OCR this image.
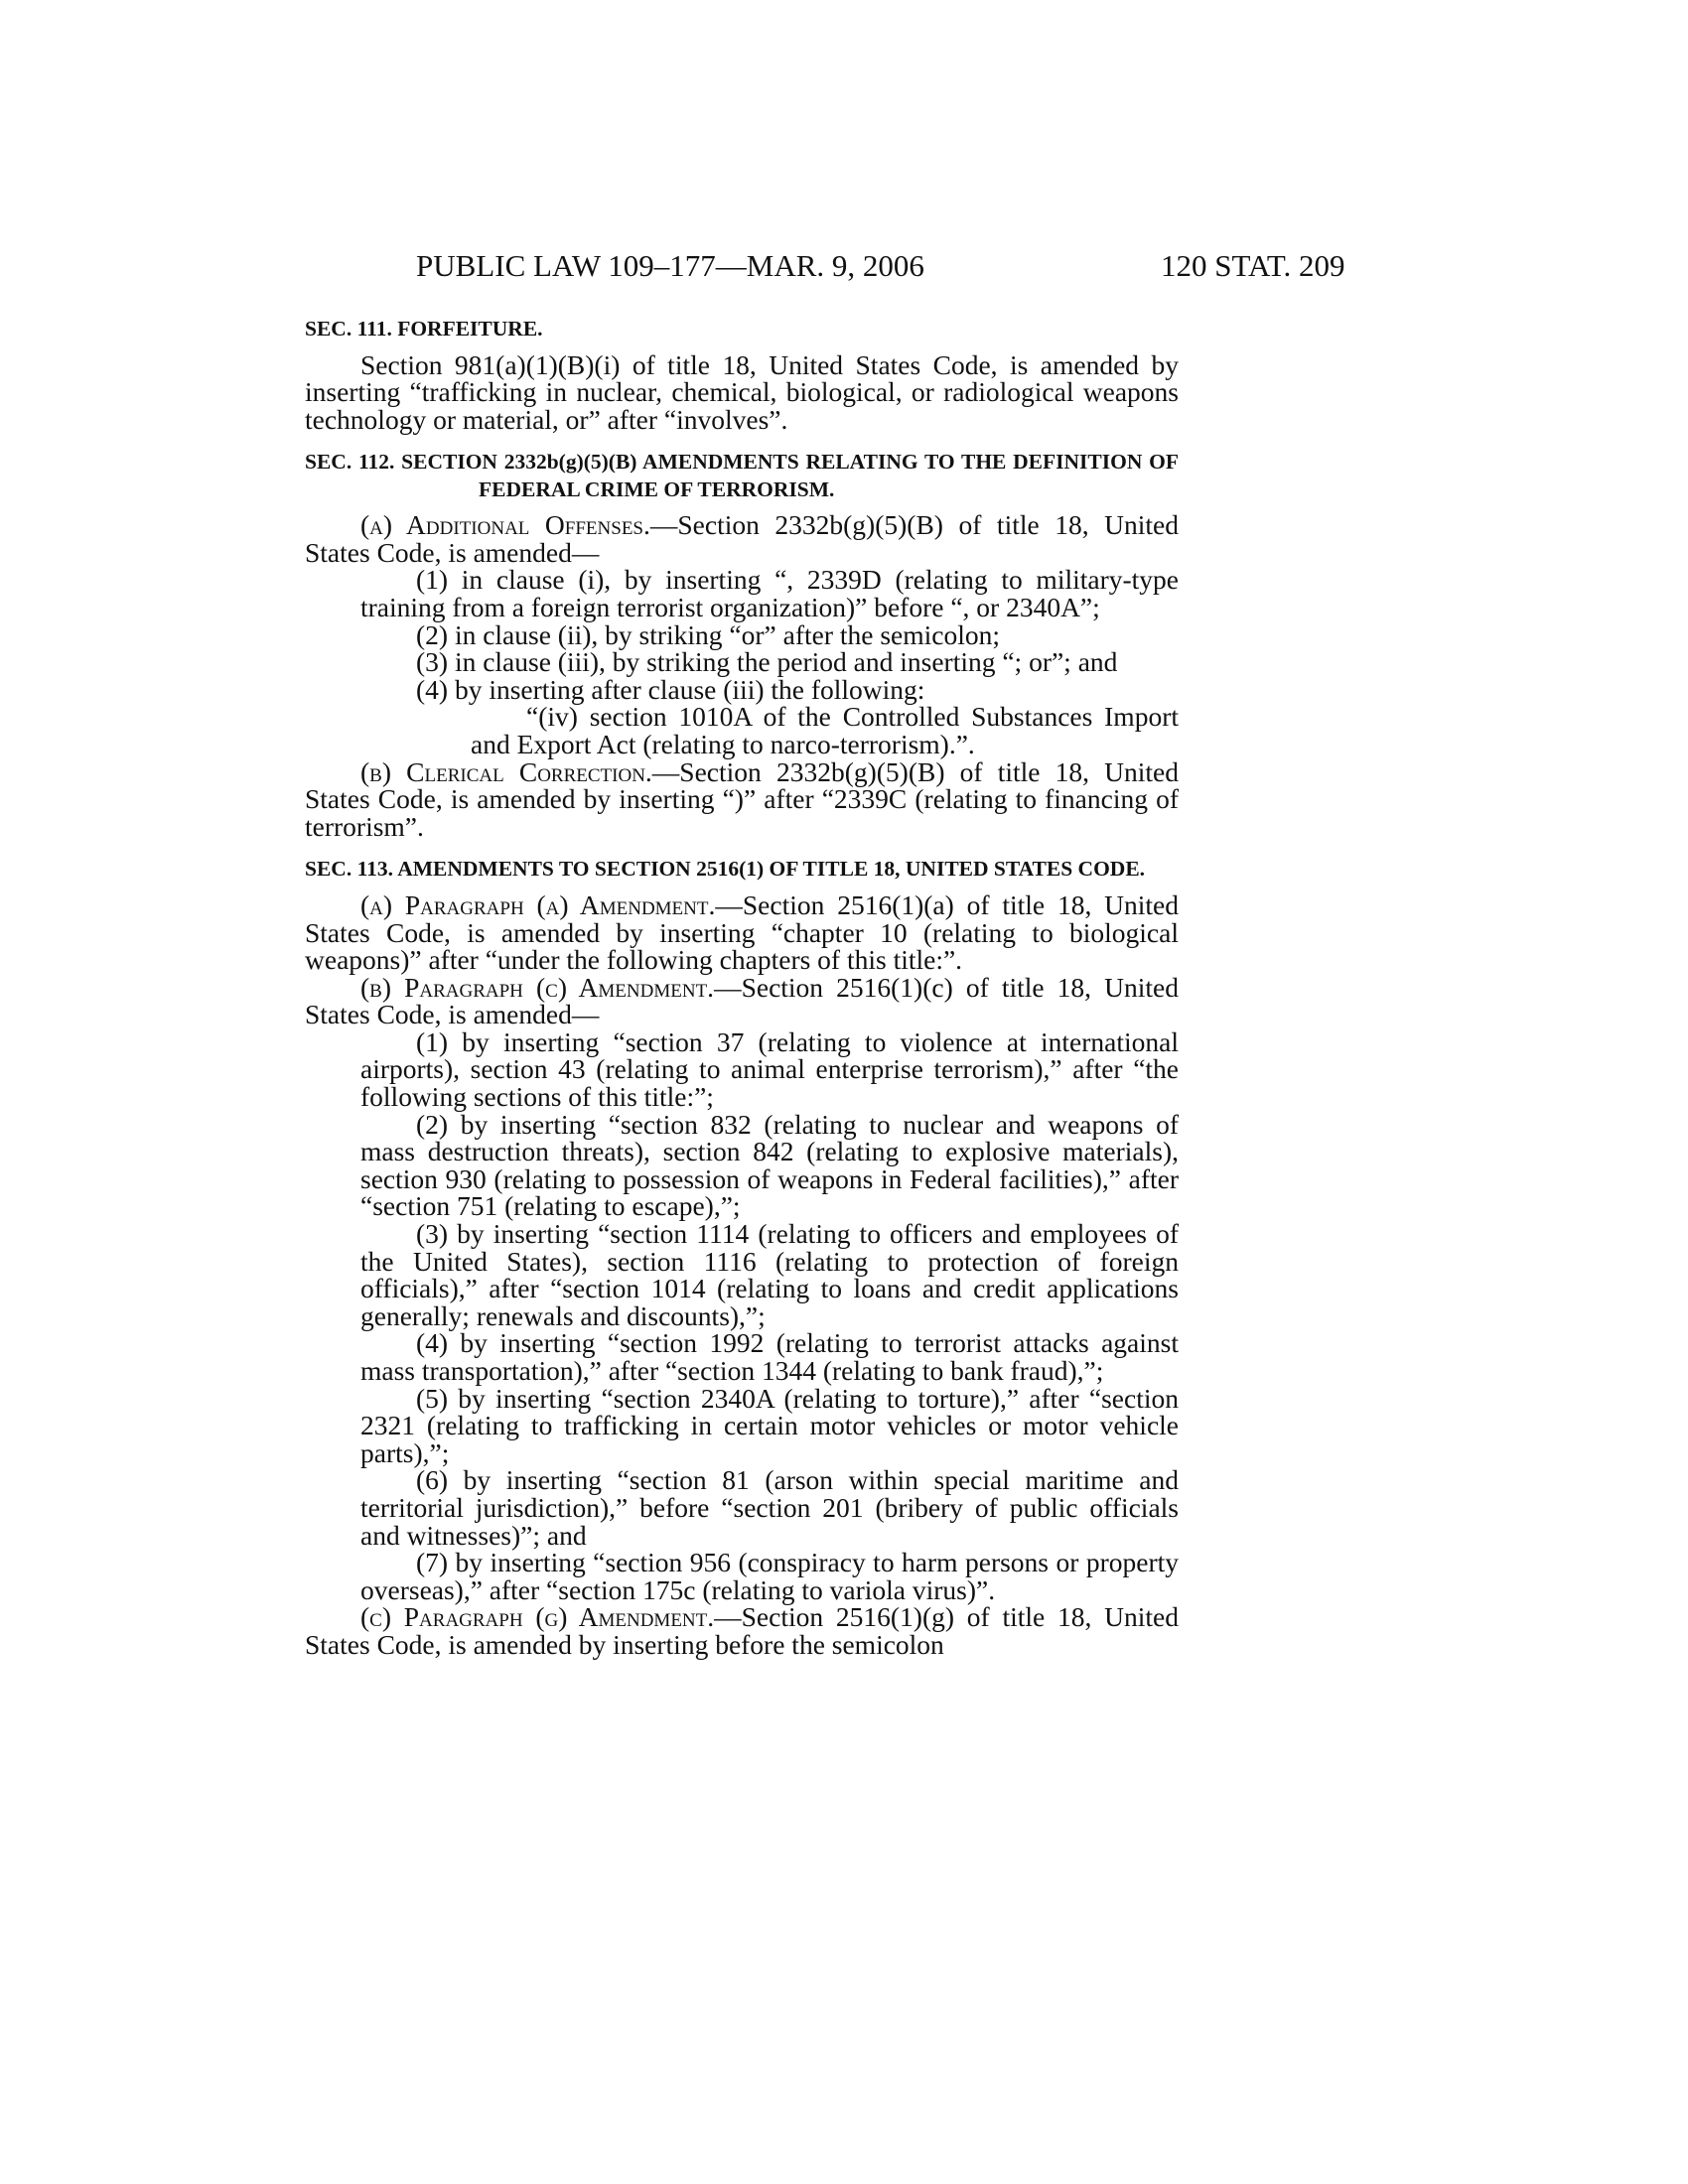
PUBLIC LAW 109–177—MAR. 9, 2006	120 STAT. 209
SEC. 111. FORFEITURE.

Section 981(a)(1)(B)(i) of title 18, United States Code, is amended by inserting “trafficking in nuclear, chemical, biological, or radiological weapons technology or material, or” after “involves”.

SEC. 112. SECTION 2332b(g)(5)(B) AMENDMENTS RELATING TO THE DEFINITION OF FEDERAL CRIME OF TERRORISM.

(a) Additional Offenses.—Section 2332b(g)(5)(B) of title 18, United States Code, is amended—

(1) in clause (i), by inserting “, 2339D (relating to military-type training from a foreign terrorist organization)” before “, or 2340A”;

(2) in clause (ii), by striking “or” after the semicolon;

(3) in clause (iii), by striking the period and inserting “; or”; and

(4) by inserting after clause (iii) the following:

“(iv) section 1010A of the Controlled Substances Import and Export Act (relating to narco-terrorism).”.

(b) Clerical Correction.—Section 2332b(g)(5)(B) of title 18, United States Code, is amended by inserting “)” after “2339C (relating to financing of terrorism”.

SEC. 113. AMENDMENTS TO SECTION 2516(1) OF TITLE 18, UNITED STATES CODE.

(a) Paragraph (a) Amendment.—Section 2516(1)(a) of title 18, United States Code, is amended by inserting “chapter 10 (relating to biological weapons)” after “under the following chapters of this title:”.

(b) Paragraph (c) Amendment.—Section 2516(1)(c) of title 18, United States Code, is amended—

(1) by inserting “section 37 (relating to violence at international airports), section 43 (relating to animal enterprise terrorism),” after “the following sections of this title:”;

(2) by inserting “section 832 (relating to nuclear and weapons of mass destruction threats), section 842 (relating to explosive materials), section 930 (relating to possession of weapons in Federal facilities),” after “section 751 (relating to escape),”;

(3) by inserting “section 1114 (relating to officers and employees of the United States), section 1116 (relating to protection of foreign officials),” after “section 1014 (relating to loans and credit applications generally; renewals and discounts),”;

(4) by inserting “section 1992 (relating to terrorist attacks against mass transportation),” after “section 1344 (relating to bank fraud),”;

(5) by inserting “section 2340A (relating to torture),” after “section 2321 (relating to trafficking in certain motor vehicles or motor vehicle parts),”;

(6) by inserting “section 81 (arson within special maritime and territorial jurisdiction),” before “section 201 (bribery of public officials and witnesses)”; and

(7) by inserting “section 956 (conspiracy to harm persons or property overseas),” after “section 175c (relating to variola virus)”.

(c) Paragraph (g) Amendment.—Section 2516(1)(g) of title 18, United States Code, is amended by inserting before the semicolon
